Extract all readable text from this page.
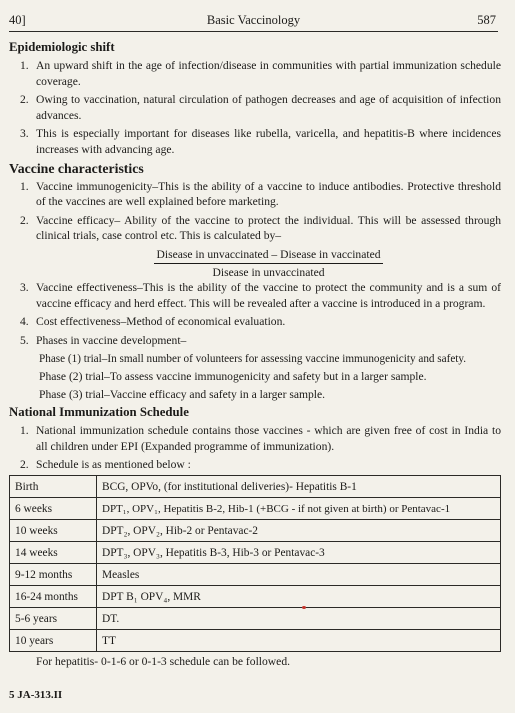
40]	Basic Vaccinology	587
Epidemiologic shift
1. An upward shift in the age of infection/disease in communities with partial immunization schedule coverage.
2. Owing to vaccination, natural circulation of pathogen decreases and age of acquisition of infection advances.
3. This is especially important for diseases like rubella, varicella, and hepatitis-B where incidences increases with advancing age.
Vaccine characteristics
1. Vaccine immunogenicity–This is the ability of a vaccine to induce antibodies. Protective threshold of the vaccines are well explained before marketing.
2. Vaccine efficacy– Ability of the vaccine to protect the individual. This will be assessed through clinical trials, case control etc. This is calculated by–
Disease in unvaccinated – Disease in vaccinated
Disease in unvaccinated
3. Vaccine effectiveness–This is the ability of the vaccine to protect the community and is a sum of vaccine efficacy and herd effect. This will be revealed after a vaccine is introduced in a program.
4. Cost effectiveness–Method of economical evaluation.
5. Phases in vaccine development–
Phase (1) trial–In small number of volunteers for assessing vaccine immunogenicity and safety.
Phase (2) trial–To assess vaccine immunogenicity and safety but in a larger sample.
Phase (3) trial–Vaccine efficacy and safety in a larger sample.
National Immunization Schedule
1. National immunization schedule contains those vaccines - which are given free of cost in India to all children under EPI (Expanded programme of immunization).
2. Schedule is as mentioned below :
Birth	BCG, OPVo, (for institutional deliveries)- Hepatitis B-1
6 weeks	DPT₁, OPV₁, Hepatitis B-2, Hib-1 (+BCG - if not given at birth) or Pentavac-1
10 weeks	DPT₂, OPV₂, Hib-2 or Pentavac-2
14 weeks	DPT₃, OPV₃, Hepatitis B-3, Hib-3 or Pentavac-3
9-12 months	Measles
16-24 months	DPT B₁ OPV₄, MMR
5-6 years	DT.
10 years	TT
For hepatitis- 0-1-6 or 0-1-3 schedule can be followed.
5 JA-313.II
